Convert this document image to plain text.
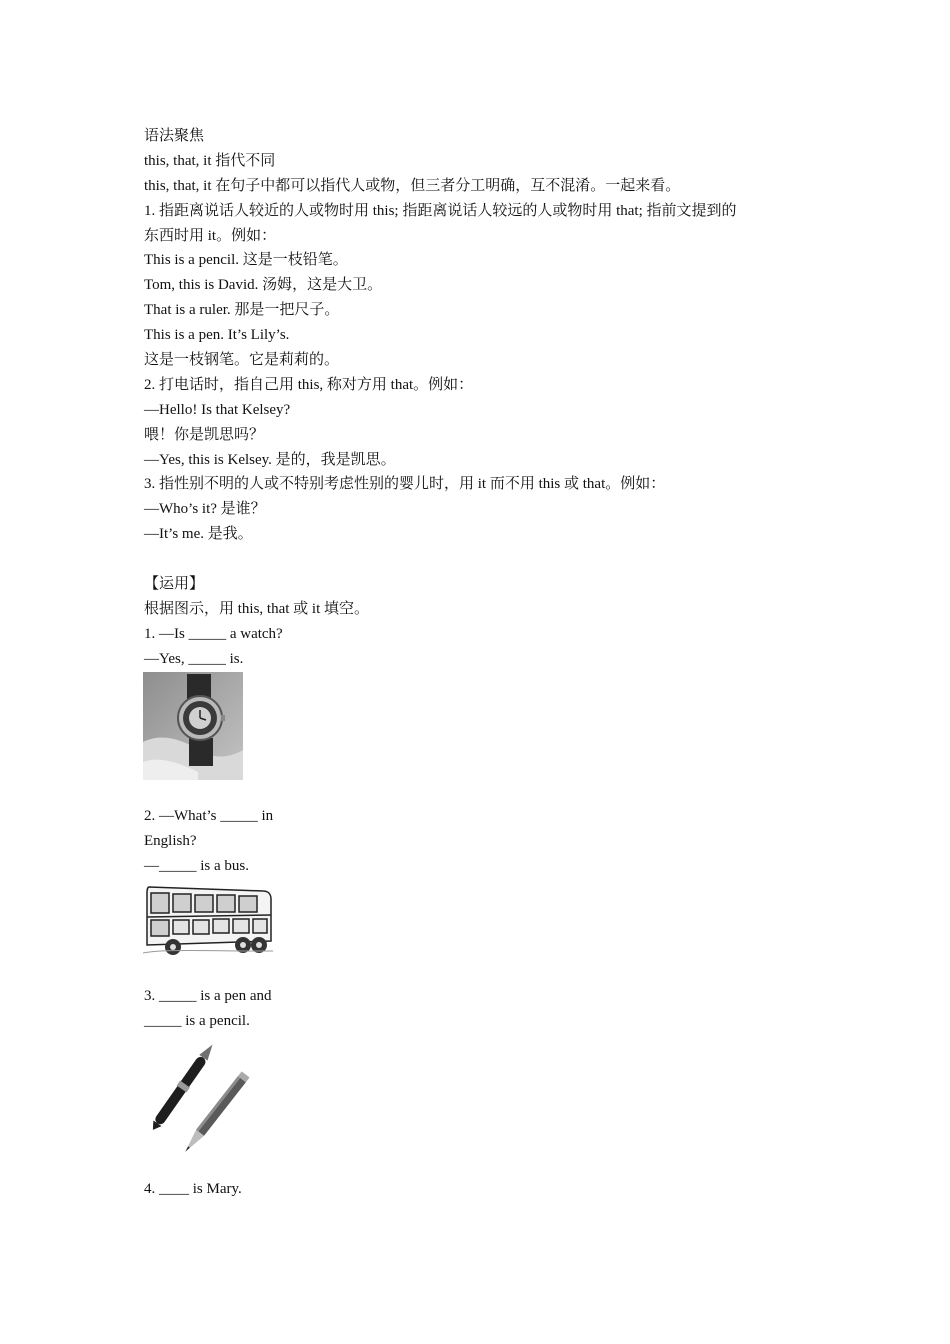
语法聚焦
this, that, it 指代不同
this, that, it 在句子中都可以指代人或物，但三者分工明确，互不混淆。一起来看。
1. 指距离说话人较近的人或物时用 this; 指距离说话人较远的人或物时用 that; 指前文提到的
东西时用 it。例如：
This is a pencil. 这是一枝铅笔。
Tom, this is David. 汤姆，这是大卫。
That is a ruler. 那是一把尺子。
This is a pen. It’s Lily’s.
这是一枝钢笔。它是莉莉的。
2. 打电话时，指自己用 this, 称对方用 that。例如：
—Hello! Is that Kelsey?
喂！你是凯思吗？
—Yes, this is Kelsey. 是的，我是凯思。
3. 指性别不明的人或不特别考虑性别的婴儿时，用 it 而不用 this 或 that。例如：
—Who’s it? 是谁？
—It’s me. 是我。
【运用】
根据图示，用 this, that 或 it 填空。
1. —Is _____ a watch?
—Yes, _____ is.
2. —What’s _____ in
English?
—_____ is a bus.
3. _____ is a pen and
_____ is a pencil.
4. ____ is Mary.
